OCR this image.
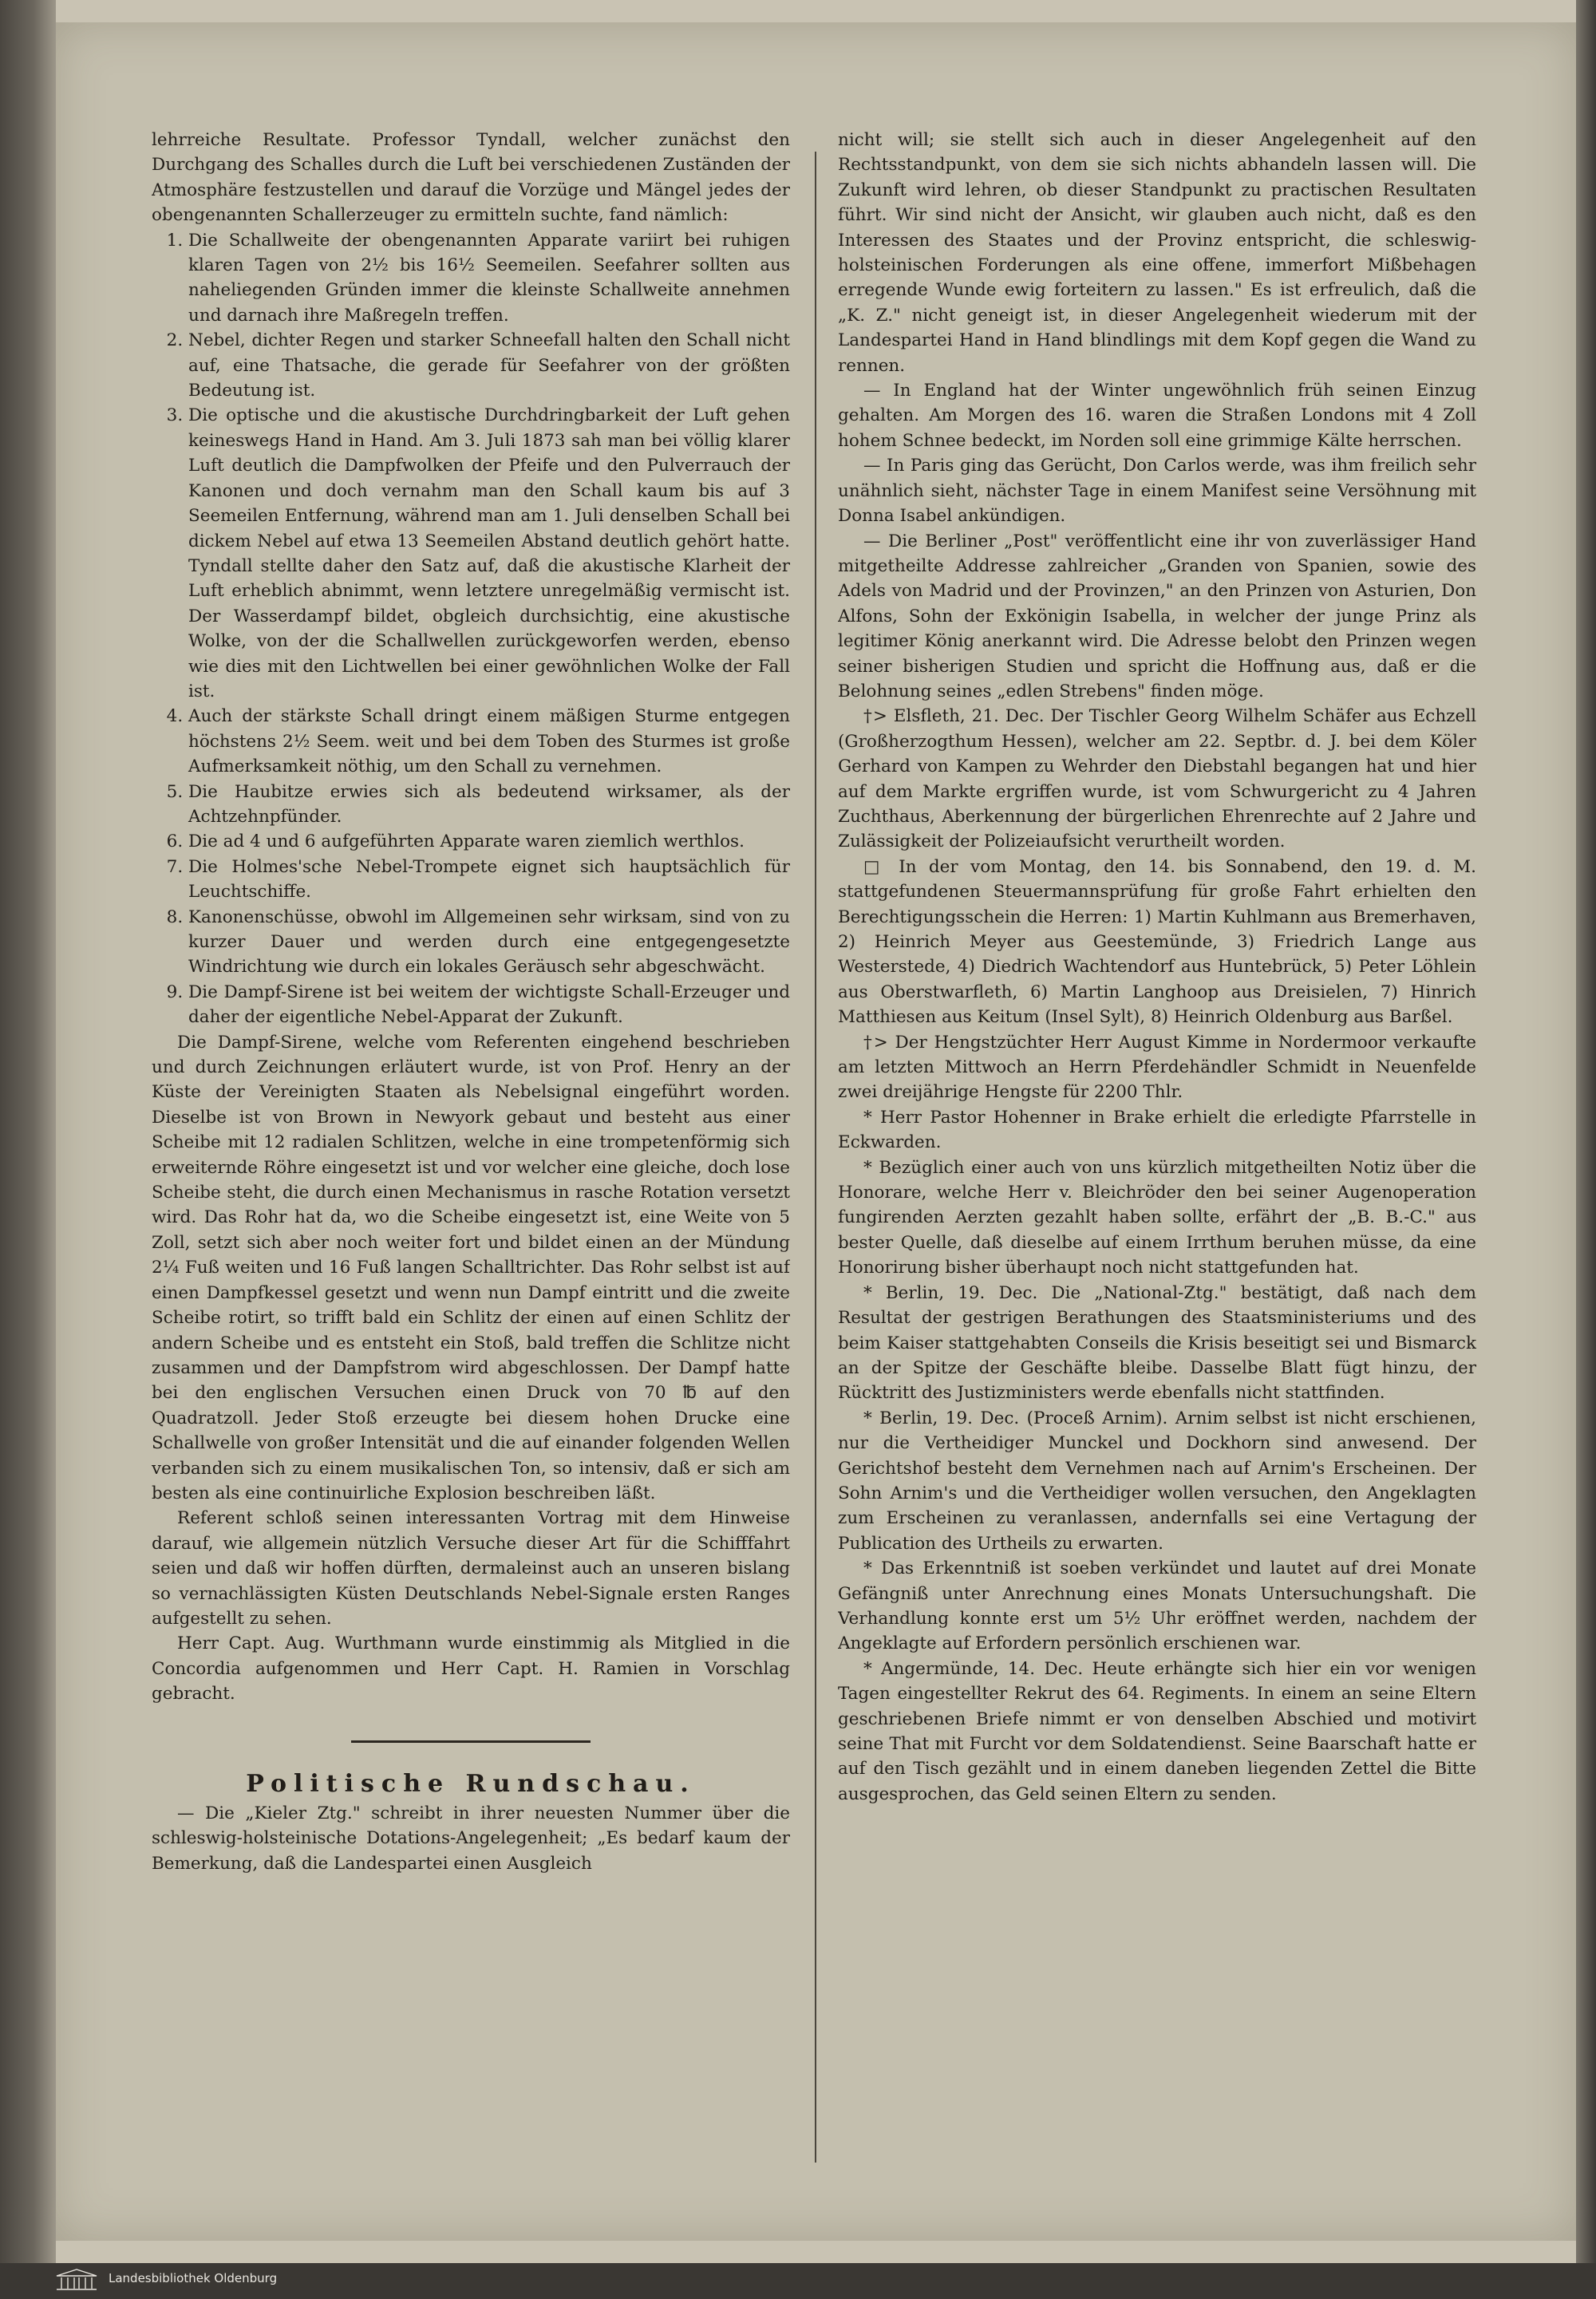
lehrreiche Resultate. Professor Tyndall, welcher zunächst den Durchgang des Schalles durch die Luft bei verschiedenen Zuständen der Atmosphäre festzustellen und darauf die Vorzüge und Mängel jedes der obengenannten Schallerzeuger zu ermitteln suchte, fand nämlich:

1. Die Schallweite der obengenannten Apparate variirt bei ruhigen klaren Tagen von 2½ bis 16½ Seemeilen. Seefahrer sollten aus naheliegenden Gründen immer die kleinste Schallweite annehmen und darnach ihre Maßregeln treffen.
2. Nebel, dichter Regen und starker Schneefall halten den Schall nicht auf, eine Thatsache, die gerade für Seefahrer von der größten Bedeutung ist.
3. Die optische und die akustische Durchdringbarkeit der Luft gehen keineswegs Hand in Hand. Am 3. Juli 1873 sah man bei völlig klarer Luft deutlich die Dampfwolken der Pfeife und den Pulverrauch der Kanonen und doch vernahm man den Schall kaum bis auf 3 Seemeilen Entfernung, während man am 1. Juli denselben Schall bei dickem Nebel auf etwa 13 Seemeilen Abstand deutlich gehört hatte. Tyndall stellte daher den Satz auf, daß die akustische Klarheit der Luft erheblich abnimmt, wenn letztere unregelmäßig vermischt ist. Der Wasserdampf bildet, obgleich durchsichtig, eine akustische Wolke, von der die Schallwellen zurückgeworfen werden, ebenso wie dies mit den Lichtwellen bei einer gewöhnlichen Wolke der Fall ist.
4. Auch der stärkste Schall dringt einem mäßigen Sturme entgegen höchstens 2½ Seem. weit und bei dem Toben des Sturmes ist große Aufmerksamkeit nöthig, um den Schall zu vernehmen.
5. Die Haubitze erwies sich als bedeutend wirksamer, als der Achtzehnpfünder.
6. Die ad 4 und 6 aufgeführten Apparate waren ziemlich werthlos.
7. Die Holmes'sche Nebel-Trompete eignet sich hauptsächlich für Leuchtschiffe.
8. Kanonenschüsse, obwohl im Allgemeinen sehr wirksam, sind von zu kurzer Dauer und werden durch eine entgegengesetzte Windrichtung wie durch ein lokales Geräusch sehr abgeschwächt.
9. Die Dampf-Sirene ist bei weitem der wichtigste Schall-Erzeuger und daher der eigentliche Nebel-Apparat der Zukunft.

Die Dampf-Sirene, welche vom Referenten eingehend beschrieben und durch Zeichnungen erläutert wurde, ist von Prof. Henry an der Küste der Vereinigten Staaten als Nebelsignal eingeführt worden. Dieselbe ist von Brown in Newyork gebaut und besteht aus einer Scheibe mit 12 radialen Schlitzen, welche in eine trompetenförmig sich erweiternde Röhre eingesetzt ist und vor welcher eine gleiche, doch lose Scheibe steht, die durch einen Mechanismus in rasche Rotation versetzt wird. Das Rohr hat da, wo die Scheibe eingesetzt ist, eine Weite von 5 Zoll, setzt sich aber noch weiter fort und bildet einen an der Mündung 2¼ Fuß weiten und 16 Fuß langen Schalltrichter. Das Rohr selbst ist auf einen Dampfkessel gesetzt und wenn nun Dampf eintritt und die zweite Scheibe rotirt, so trifft bald ein Schlitz der einen auf einen Schlitz der andern Scheibe und es entsteht ein Stoß, bald treffen die Schlitze nicht zusammen und der Dampfstrom wird abgeschlossen. Der Dampf hatte bei den englischen Versuchen einen Druck von 70 ℔ auf den Quadratzoll. Jeder Stoß erzeugte bei diesem hohen Drucke eine Schallwelle von großer Intensität und die auf einander folgenden Wellen verbanden sich zu einem musikalischen Ton, so intensiv, daß er sich am besten als eine continuirliche Explosion beschreiben läßt.

Referent schloß seinen interessanten Vortrag mit dem Hinweise darauf, wie allgemein nützlich Versuche dieser Art für die Schifffahrt seien und daß wir hoffen dürften, dermaleinst auch an unseren bislang so vernachlässigten Küsten Deutschlands Nebel-Signale ersten Ranges aufgestellt zu sehen.

Herr Capt. Aug. Wurthmann wurde einstimmig als Mitglied in die Concordia aufgenommen und Herr Capt. H. Ramien in Vorschlag gebracht.

Politische Rundschau.

— Die „Kieler Ztg." schreibt in ihrer neuesten Nummer über die schleswig-holsteinische Dotations-Angelegenheit; „Es bedarf kaum der Bemerkung, daß die Landespartei einen Ausgleich

nicht will; sie stellt sich auch in dieser Angelegenheit auf den Rechtsstandpunkt, von dem sie sich nichts abhandeln lassen will. Die Zukunft wird lehren, ob dieser Standpunkt zu practischen Resultaten führt. Wir sind nicht der Ansicht, wir glauben auch nicht, daß es den Interessen des Staates und der Provinz entspricht, die schleswig-holsteinischen Forderungen als eine offene, immerfort Mißbehagen erregende Wunde ewig forteitern zu lassen." Es ist erfreulich, daß die „K. Z." nicht geneigt ist, in dieser Angelegenheit wiederum mit der Landespartei Hand in Hand blindlings mit dem Kopf gegen die Wand zu rennen.

— In England hat der Winter ungewöhnlich früh seinen Einzug gehalten. Am Morgen des 16. waren die Straßen Londons mit 4 Zoll hohem Schnee bedeckt, im Norden soll eine grimmige Kälte herrschen.

— In Paris ging das Gerücht, Don Carlos werde, was ihm freilich sehr unähnlich sieht, nächster Tage in einem Manifest seine Versöhnung mit Donna Isabel ankündigen.

— Die Berliner „Post" veröffentlicht eine ihr von zuverlässiger Hand mitgetheilte Addresse zahlreicher „Granden von Spanien, sowie des Adels von Madrid und der Provinzen," an den Prinzen von Asturien, Don Alfons, Sohn der Exkönigin Isabella, in welcher der junge Prinz als legitimer König anerkannt wird. Die Adresse belobt den Prinzen wegen seiner bisherigen Studien und spricht die Hoffnung aus, daß er die Belohnung seines „edlen Strebens" finden möge.

†> Elsfleth, 21. Dec. Der Tischler Georg Wilhelm Schäfer aus Echzell (Großherzogthum Hessen), welcher am 22. Septbr. d. J. bei dem Köler Gerhard von Kampen zu Wehrder den Diebstahl begangen hat und hier auf dem Markte ergriffen wurde, ist vom Schwurgericht zu 4 Jahren Zuchthaus, Aberkennung der bürgerlichen Ehrenrechte auf 2 Jahre und Zulässigkeit der Polizeiaufsicht verurtheilt worden.

□ In der vom Montag, den 14. bis Sonnabend, den 19. d. M. stattgefundenen Steuermannsprüfung für große Fahrt erhielten den Berechtigungsschein die Herren: 1) Martin Kuhlmann aus Bremerhaven, 2) Heinrich Meyer aus Geestemünde, 3) Friedrich Lange aus Westerstede, 4) Diedrich Wachtendorf aus Huntebrück, 5) Peter Löhlein aus Oberstwarfleth, 6) Martin Langhoop aus Dreisielen, 7) Hinrich Matthiesen aus Keitum (Insel Sylt), 8) Heinrich Oldenburg aus Barßel.

†> Der Hengstzüchter Herr August Kimme in Nordermoor verkaufte am letzten Mittwoch an Herrn Pferdehändler Schmidt in Neuenfelde zwei dreijährige Hengste für 2200 Thlr.

* Herr Pastor Hohenner in Brake erhielt die erledigte Pfarrstelle in Eckwarden.

* Bezüglich einer auch von uns kürzlich mitgetheilten Notiz über die Honorare, welche Herr v. Bleichröder den bei seiner Augenoperation fungirenden Aerzten gezahlt haben sollte, erfährt der „B. B.-C." aus bester Quelle, daß dieselbe auf einem Irrthum beruhen müsse, da eine Honorirung bisher überhaupt noch nicht stattgefunden hat.

* Berlin, 19. Dec. Die „National-Ztg." bestätigt, daß nach dem Resultat der gestrigen Berathungen des Staatsministeriums und des beim Kaiser stattgehabten Conseils die Krisis beseitigt sei und Bismarck an der Spitze der Geschäfte bleibe. Dasselbe Blatt fügt hinzu, der Rücktritt des Justizministers werde ebenfalls nicht stattfinden.

* Berlin, 19. Dec. (Proceß Arnim). Arnim selbst ist nicht erschienen, nur die Vertheidiger Munckel und Dockhorn sind anwesend. Der Gerichtshof besteht dem Vernehmen nach auf Arnim's Erscheinen. Der Sohn Arnim's und die Vertheidiger wollen versuchen, den Angeklagten zum Erscheinen zu veranlassen, andernfalls sei eine Vertagung der Publication des Urtheils zu erwarten.

* Das Erkenntniß ist soeben verkündet und lautet auf drei Monate Gefängniß unter Anrechnung eines Monats Untersuchungshaft. Die Verhandlung konnte erst um 5½ Uhr eröffnet werden, nachdem der Angeklagte auf Erfordern persönlich erschienen war.

* Angermünde, 14. Dec. Heute erhängte sich hier ein vor wenigen Tagen eingestellter Rekrut des 64. Regiments. In einem an seine Eltern geschriebenen Briefe nimmt er von denselben Abschied und motivirt seine That mit Furcht vor dem Soldatendienst. Seine Baarschaft hatte er auf den Tisch gezählt und in einem daneben liegenden Zettel die Bitte ausgesprochen, das Geld seinen Eltern zu senden.

Landesbibliothek Oldenburg
